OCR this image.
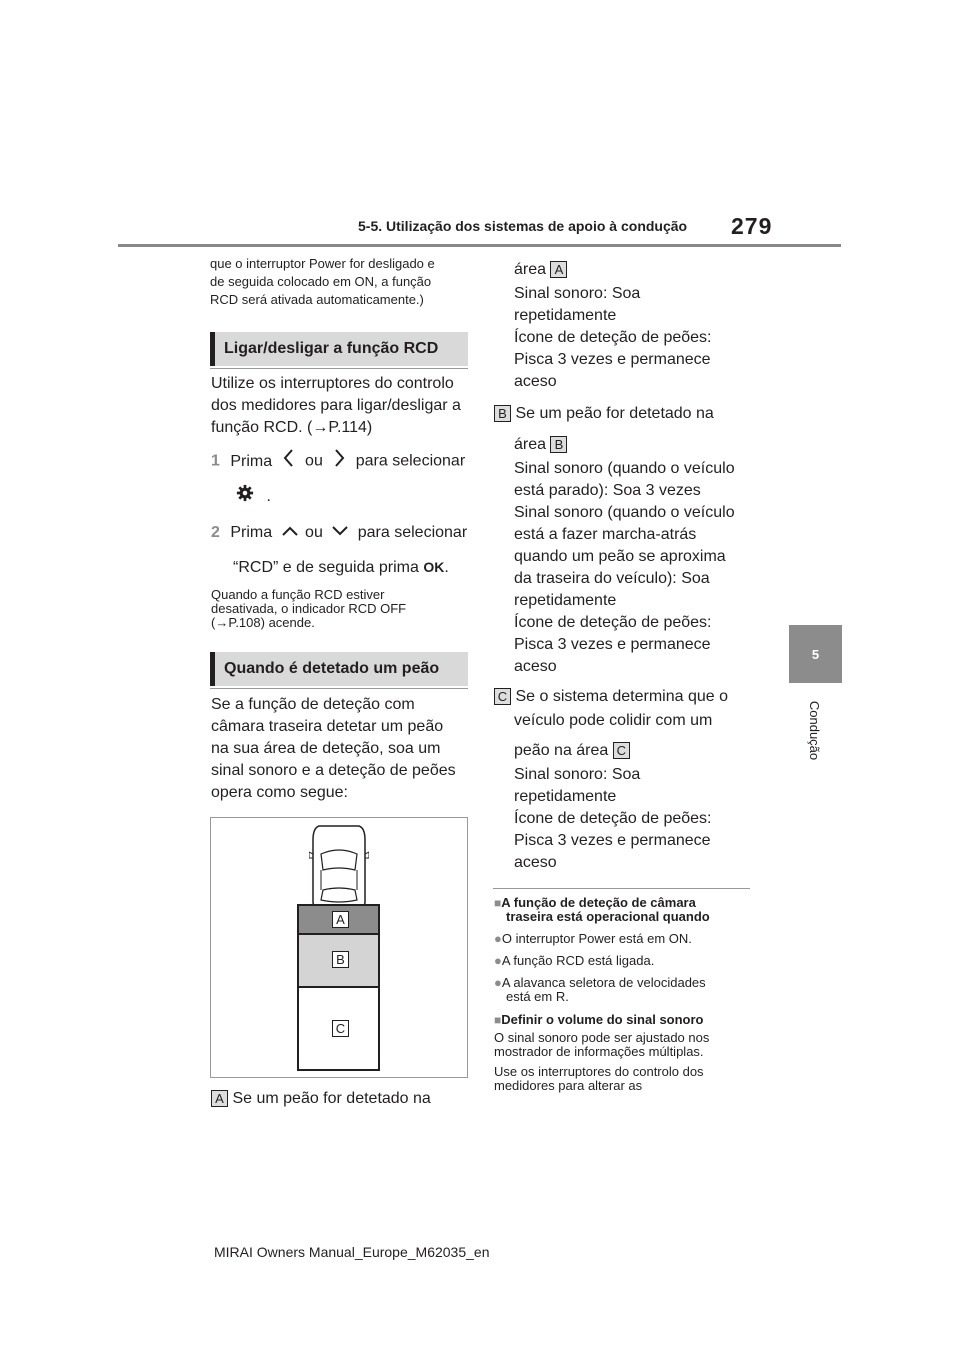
5-5. Utilização dos sistemas de apoio à condução 279
5
Condução
que o interruptor Power for desligado e
de seguida colocado em ON, a função
RCD será ativada automaticamente.)
Ligar/desligar a função RCD
Utilize os interruptores do controlo
dos medidores para ligar/desligar a
função RCD. (→P.114)
1 Prima ou para selecionar
.
2 Prima ou para selecionar
“RCD” e de seguida prima OK.
Quando a função RCD estiver
desativada, o indicador RCD OFF
(→P.108) acende.
Quando é detetado um peão
Se a função de deteção com
câmara traseira detetar um peão
na sua área de deteção, soa um
sinal sonoro e a deteção de peões
opera como segue:
A
B
C
A Se um peão for detetado na
área A
Sinal sonoro: Soa
repetidamente
Ícone de deteção de peões:
Pisca 3 vezes e permanece
aceso
B Se um peão for detetado na
área B
Sinal sonoro (quando o veículo
está parado): Soa 3 vezes
Sinal sonoro (quando o veículo
está a fazer marcha-atrás
quando um peão se aproxima
da traseira do veículo): Soa
repetidamente
Ícone de deteção de peões:
Pisca 3 vezes e permanece
aceso
C Se o sistema determina que o
veículo pode colidir com um
peão na área C
Sinal sonoro: Soa
repetidamente
Ícone de deteção de peões:
Pisca 3 vezes e permanece
aceso
■A função de deteção de câmara
traseira está operacional quando
●O interruptor Power está em ON.
●A função RCD está ligada.
●A alavanca seletora de velocidades
está em R.
■Definir o volume do sinal sonoro
O sinal sonoro pode ser ajustado nos
mostrador de informações múltiplas.
Use os interruptores do controlo dos
medidores para alterar as
MIRAI Owners Manual_Europe_M62035_en
